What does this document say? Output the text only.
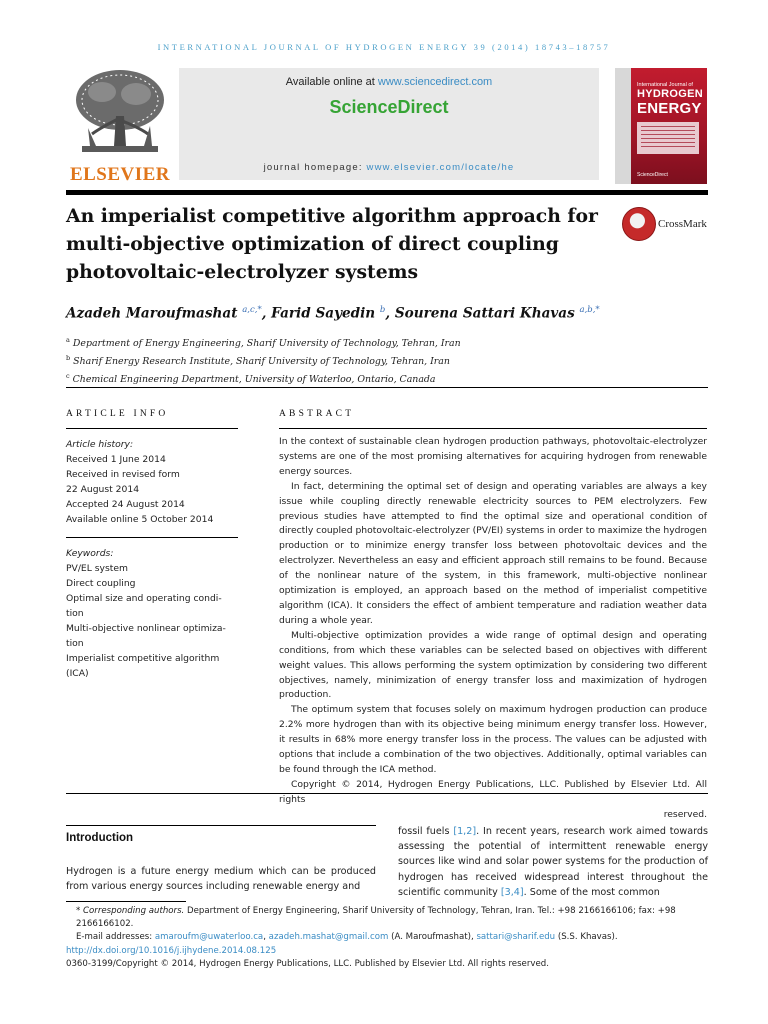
INTERNATIONAL JOURNAL OF HYDROGEN ENERGY 39 (2014) 18743–18757
ELSEVIER
Available online at www.sciencedirect.com
ScienceDirect
journal homepage: www.elsevier.com/locate/he
International Journal of
HYDROGEN
ENERGY
ScienceDirect
An imperialist competitive algorithm approach for multi-objective optimization of direct coupling photovoltaic-electrolyzer systems
CrossMark
Azadeh Maroufmashat $^{a,c,*}$, Farid Sayedin $^b$, Sourena Sattari Khavas $^{a,b,*}$
$^a$ Department of Energy Engineering, Sharif University of Technology, Tehran, Iran
$^b$ Sharif Energy Research Institute, Sharif University of Technology, Tehran, Iran
$^c$ Chemical Engineering Department, University of Waterloo, Ontario, Canada
ARTICLE INFO	ABSTRACT

Article history:

Received 1 June 2014

Received in revised form

22 August 2014

Accepted 24 August 2014

Available online 5 October 2014

Keywords:

PV/EL system

Direct coupling

Optimal size and operating condi-

tion

Multi-objective nonlinear optimiza-

tion

Imperialist competitive algorithm

(ICA)

In the context of sustainable clean hydrogen production pathways, photovoltaic-electrolyzer systems are one of the most promising alternatives for acquiring hydrogen from renewable energy sources.

In fact, determining the optimal set of design and operating variables are always a key issue while coupling directly renewable electricity sources to PEM electrolyzers. Few previous studies have attempted to find the optimal size and operational condition of directly coupled photovoltaic-electrolyzer (PV/EI) systems in order to maximize the hydrogen production or to minimize energy transfer loss between photovoltaic devices and the electrolyzer. Nevertheless an easy and efficient approach still remains to be found. Because of the nonlinear nature of the system, in this framework, multi-objective nonlinear optimization is employed, an approach based on the method of imperialist competitive algorithm (ICA). It considers the effect of ambient temperature and radiation weather data during a whole year.

Multi-objective optimization provides a wide range of optimal design and operating conditions, from which these variables can be selected based on objectives with different weight values. This allows performing the system optimization by considering two different objectives, namely, minimization of energy transfer loss and maximization of hydrogen production.

The optimum system that focuses solely on maximum hydrogen production can produce 2.2% more hydrogen than with its objective being minimum energy transfer loss. However, it results in 68% more energy transfer loss in the process. The values can be adjusted with options that include a combination of the two objectives. Additionally, optimal variables can be found through the ICA method.

Copyright © 2014, Hydrogen Energy Publications, LLC. Published by Elsevier Ltd. All rights

reserved.

Introduction
Hydrogen is a future energy medium which can be produced from various energy sources including renewable energy and
fossil fuels [1,2]. In recent years, research work aimed towards assessing the potential of intermittent renewable energy sources like wind and solar power systems for the production of hydrogen has received widespread interest throughout the scientific community [3,4]. Some of the most common
* Corresponding authors. Department of Energy Engineering, Sharif University of Technology, Tehran, Iran. Tel.: +98 2166166106; fax: +98 2166166102.
E-mail addresses: amaroufm@uwaterloo.ca, azadeh.mashat@gmail.com (A. Maroufmashat), sattari@sharif.edu (S.S. Khavas).
http://dx.doi.org/10.1016/j.ijhydene.2014.08.125
0360-3199/Copyright © 2014, Hydrogen Energy Publications, LLC. Published by Elsevier Ltd. All rights reserved.
